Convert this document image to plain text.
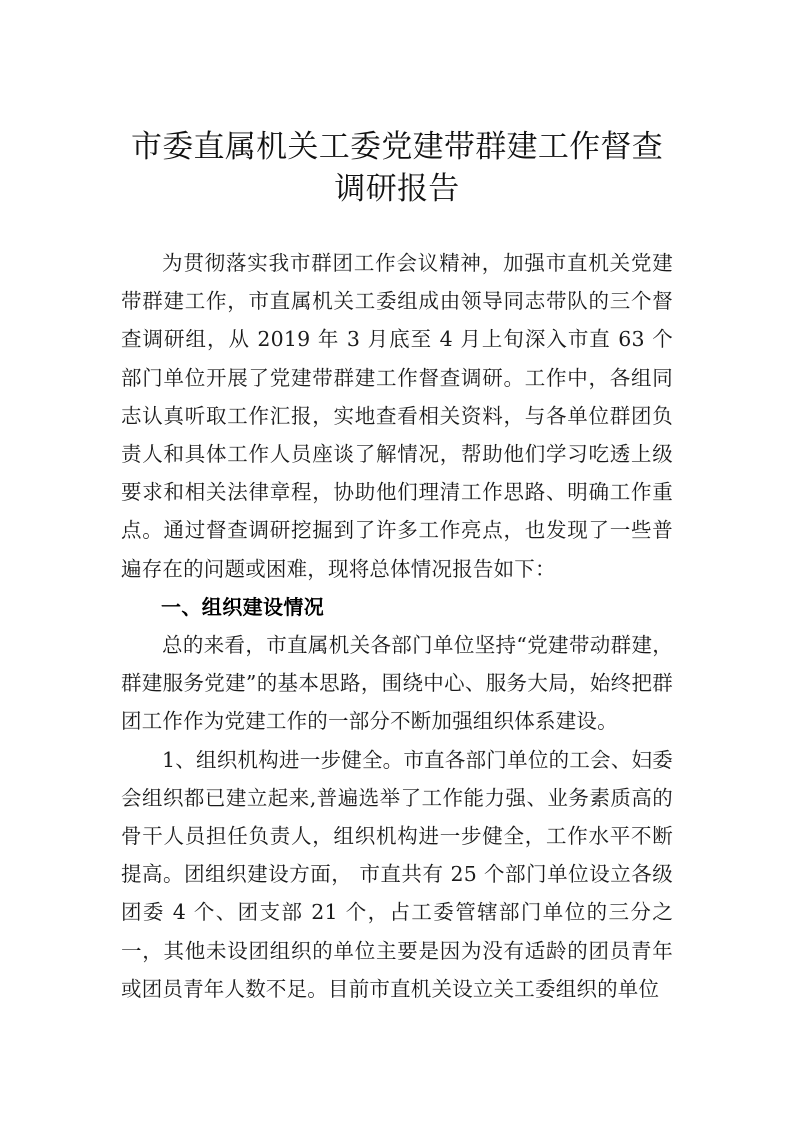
市委直属机关工委党建带群建工作督查调研报告

为贯彻落实我市群团工作会议精神，加强市直机关党建带群建工作，市直属机关工委组成由领导同志带队的三个督查调研组，从 2019 年 3 月底至 4 月上旬深入市直 63 个部门单位开展了党建带群建工作督查调研。工作中，各组同志认真听取工作汇报，实地查看相关资料，与各单位群团负责人和具体工作人员座谈了解情况，帮助他们学习吃透上级要求和相关法律章程，协助他们理清工作思路、明确工作重点。通过督查调研挖掘到了许多工作亮点，也发现了一些普遍存在的问题或困难，现将总体情况报告如下：

一、组织建设情况

总的来看，市直属机关各部门单位坚持“党建带动群建，群建服务党建”的基本思路，围绕中心、服务大局，始终把群团工作作为党建工作的一部分不断加强组织体系建设。

1、组织机构进一步健全。市直各部门单位的工会、妇委会组织都已建立起来,普遍选举了工作能力强、业务素质高的骨干人员担任负责人，组织机构进一步健全，工作水平不断提高。团组织建设方面， 市直共有 25 个部门单位设立各级团委 4 个、团支部 21 个，占工委管辖部门单位的三分之一，其他未设团组织的单位主要是因为没有适龄的团员青年或团员青年人数不足。目前市直机关设立关工委组织的单位
